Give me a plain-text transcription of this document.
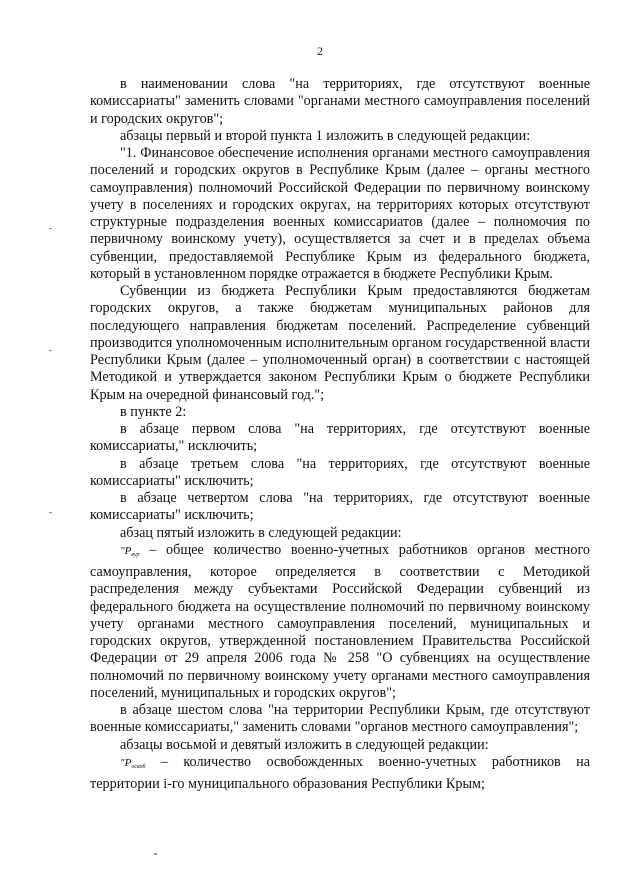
2

в наименовании слова "на территориях, где отсутствуют военные комиссариаты" заменить словами "органами местного самоуправления поселений и городских округов";

абзацы первый и второй пункта 1 изложить в следующей редакции:

"1. Финансовое обеспечение исполнения органами местного самоуправления поселений и городских округов в Республике Крым (далее – органы местного самоуправления) полномочий Российской Федерации по первичному воинскому учету в поселениях и городских округах, на территориях которых отсутствуют структурные подразделения военных комиссариатов (далее – полномочия по первичному воинскому учету), осуществляется за счет и в пределах объема субвенции, предоставляемой Республике Крым из федерального бюджета, который в установленном порядке отражается в бюджете Республики Крым.

Субвенции из бюджета Республики Крым предоставляются бюджетам городских округов, а также бюджетам муниципальных районов для последующего направления бюджетам поселений. Распределение субвенций производится уполномоченным исполнительным органом государственной власти Республики Крым (далее – уполномоченный орган) в соответствии с настоящей Методикой и утверждается законом Республики Крым о бюджете Республики Крым на очередной финансовый год.";

в пункте 2:

в абзаце первом слова "на территориях, где отсутствуют военные комиссариаты," исключить;

в абзаце третьем слова "на территориях, где отсутствуют военные комиссариаты" исключить;

в абзаце четвертом слова "на территориях, где отсутствуют военные комиссариаты" исключить;

абзац пятый изложить в следующей редакции:

"$P_{вур}$ – общее количество военно-учетных работников органов местного самоуправления, которое определяется в соответствии с Методикой распределения между субъектами Российской Федерации субвенций из федерального бюджета на осуществление полномочий по первичному воинскому учету органами местного самоуправления поселений, муниципальных и городских округов, утвержденной постановлением Правительства Российской Федерации от 29 апреля 2006 года № 258 "О субвенциях на осуществление полномочий по первичному воинскому учету органами местного самоуправления поселений, муниципальных и городских округов";

в абзаце шестом слова "на территории Республики Крым, где отсутствуют военные комиссариаты," заменить словами "органов местного самоуправления";

абзацы восьмой и девятый изложить в следующей редакции:

"$P_{освоб}$ – количество освобожденных военно-учетных работников на территории i-го муниципального образования Республики Крым;
